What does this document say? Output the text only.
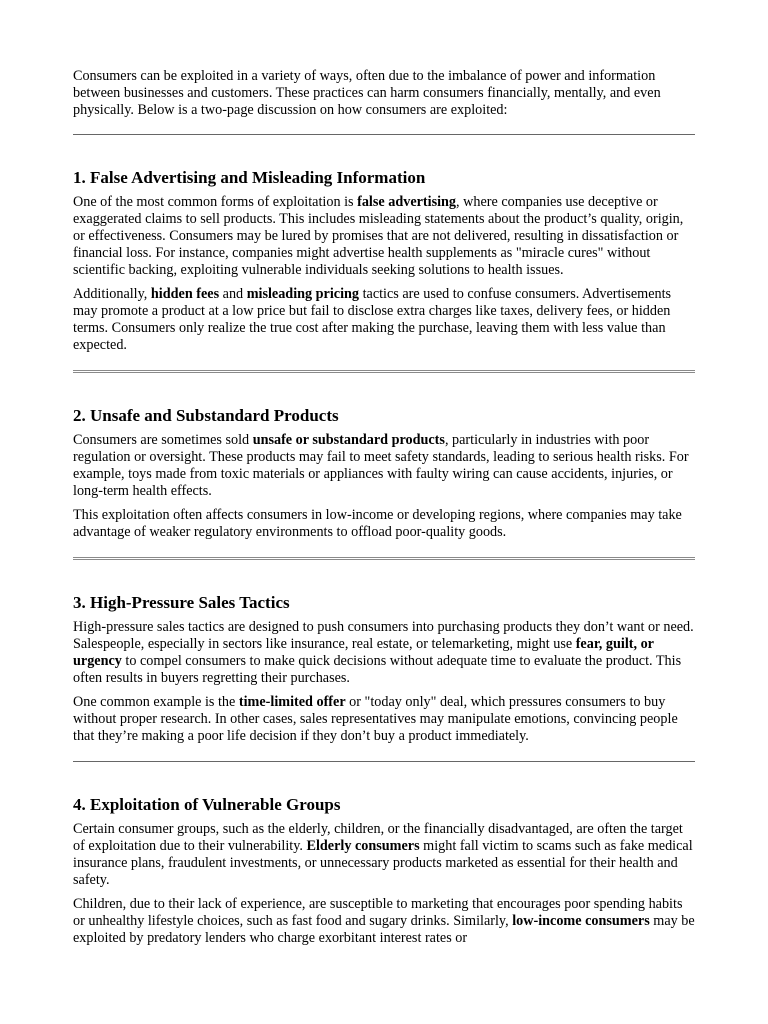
Consumers can be exploited in a variety of ways, often due to the imbalance of power and information between businesses and customers. These practices can harm consumers financially, mentally, and even physically. Below is a two-page discussion on how consumers are exploited:

1. False Advertising and Misleading Information

One of the most common forms of exploitation is false advertising, where companies use deceptive or exaggerated claims to sell products. This includes misleading statements about the product’s quality, origin, or effectiveness. Consumers may be lured by promises that are not delivered, resulting in dissatisfaction or financial loss. For instance, companies might advertise health supplements as "miracle cures" without scientific backing, exploiting vulnerable individuals seeking solutions to health issues.

Additionally, hidden fees and misleading pricing tactics are used to confuse consumers. Advertisements may promote a product at a low price but fail to disclose extra charges like taxes, delivery fees, or hidden terms. Consumers only realize the true cost after making the purchase, leaving them with less value than expected.

2. Unsafe and Substandard Products

Consumers are sometimes sold unsafe or substandard products, particularly in industries with poor regulation or oversight. These products may fail to meet safety standards, leading to serious health risks. For example, toys made from toxic materials or appliances with faulty wiring can cause accidents, injuries, or long-term health effects.

This exploitation often affects consumers in low-income or developing regions, where companies may take advantage of weaker regulatory environments to offload poor-quality goods.

3. High-Pressure Sales Tactics

High-pressure sales tactics are designed to push consumers into purchasing products they don’t want or need. Salespeople, especially in sectors like insurance, real estate, or telemarketing, might use fear, guilt, or urgency to compel consumers to make quick decisions without adequate time to evaluate the product. This often results in buyers regretting their purchases.

One common example is the time-limited offer or "today only" deal, which pressures consumers to buy without proper research. In other cases, sales representatives may manipulate emotions, convincing people that they’re making a poor life decision if they don’t buy a product immediately.

4. Exploitation of Vulnerable Groups

Certain consumer groups, such as the elderly, children, or the financially disadvantaged, are often the target of exploitation due to their vulnerability. Elderly consumers might fall victim to scams such as fake medical insurance plans, fraudulent investments, or unnecessary products marketed as essential for their health and safety.

Children, due to their lack of experience, are susceptible to marketing that encourages poor spending habits or unhealthy lifestyle choices, such as fast food and sugary drinks. Similarly, low-income consumers may be exploited by predatory lenders who charge exorbitant interest rates or
